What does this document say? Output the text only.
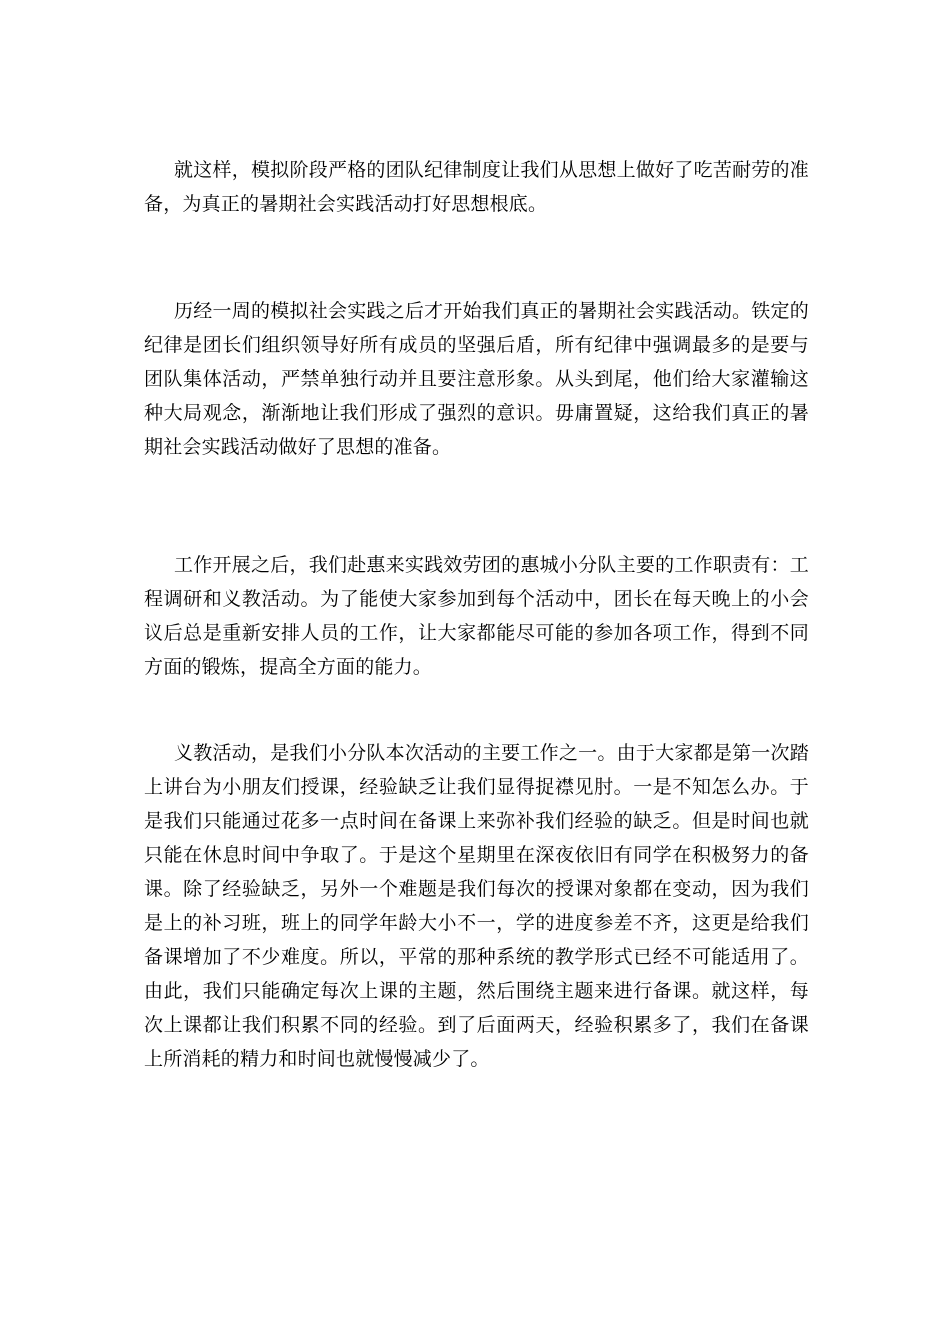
就这样，模拟阶段严格的团队纪律制度让我们从思想上做好了吃苦耐劳的准备，为真正的暑期社会实践活动打好思想根底。

历经一周的模拟社会实践之后才开始我们真正的暑期社会实践活动。铁定的纪律是团长们组织领导好所有成员的坚强后盾，所有纪律中强调最多的是要与团队集体活动，严禁单独行动并且要注意形象。从头到尾，他们给大家灌输这种大局观念，渐渐地让我们形成了强烈的意识。毋庸置疑，这给我们真正的暑期社会实践活动做好了思想的准备。

工作开展之后，我们赴惠来实践效劳团的惠城小分队主要的工作职责有：工程调研和义教活动。为了能使大家参加到每个活动中，团长在每天晚上的小会议后总是重新安排人员的工作，让大家都能尽可能的参加各项工作，得到不同方面的锻炼，提高全方面的能力。

义教活动，是我们小分队本次活动的主要工作之一。由于大家都是第一次踏上讲台为小朋友们授课，经验缺乏让我们显得捉襟见肘。一是不知怎么办。于是我们只能通过花多一点时间在备课上来弥补我们经验的缺乏。但是时间也就只能在休息时间中争取了。于是这个星期里在深夜依旧有同学在积极努力的备课。除了经验缺乏，另外一个难题是我们每次的授课对象都在变动，因为我们是上的补习班，班上的同学年龄大小不一，学的进度参差不齐，这更是给我们备课增加了不少难度。所以，平常的那种系统的教学形式已经不可能适用了。由此，我们只能确定每次上课的主题，然后围绕主题来进行备课。就这样，每次上课都让我们积累不同的经验。到了后面两天，经验积累多了，我们在备课上所消耗的精力和时间也就慢慢减少了。
